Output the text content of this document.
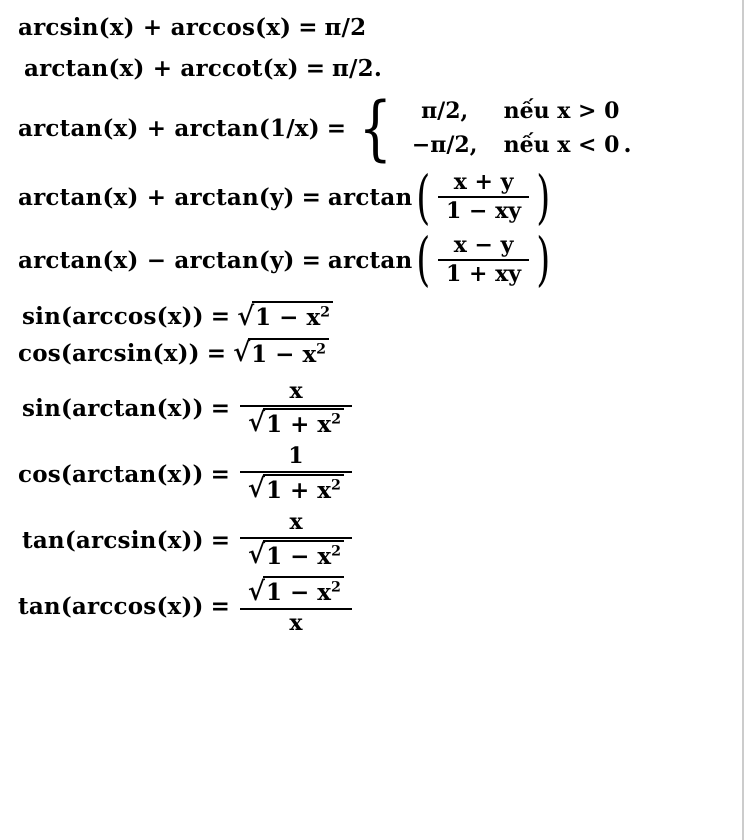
arcsin(x) + arccos(x) = π/2
arctan(x) + arccot(x) = π/2.
arctan(x) + arctan(1/x) = {	π/2,	nếu x > 0
−π/2,	nếu x < 0 .
arctan(x) + arctan(y) = arctan ( $\frac{x + y}{1 - xy}$ )
arctan(x) − arctan(y) = arctan ( $\frac{x - y}{1 + xy}$ )
sin(arccos(x)) = √ $1 - x^2$
cos(arcsin(x)) = √ $1 - x^2$
$\sin(\arctan(x)) = \frac{x}{√ 1 + x^2}$
$\cos(\arctan(x)) = \frac{1}{√ 1 + x^2}$
$\tan(\arcsin(x)) = \frac{x}{√ 1 - x^2}$
$\tan(\arccos(x)) = \frac{√ 1 - x^2}{x}$
